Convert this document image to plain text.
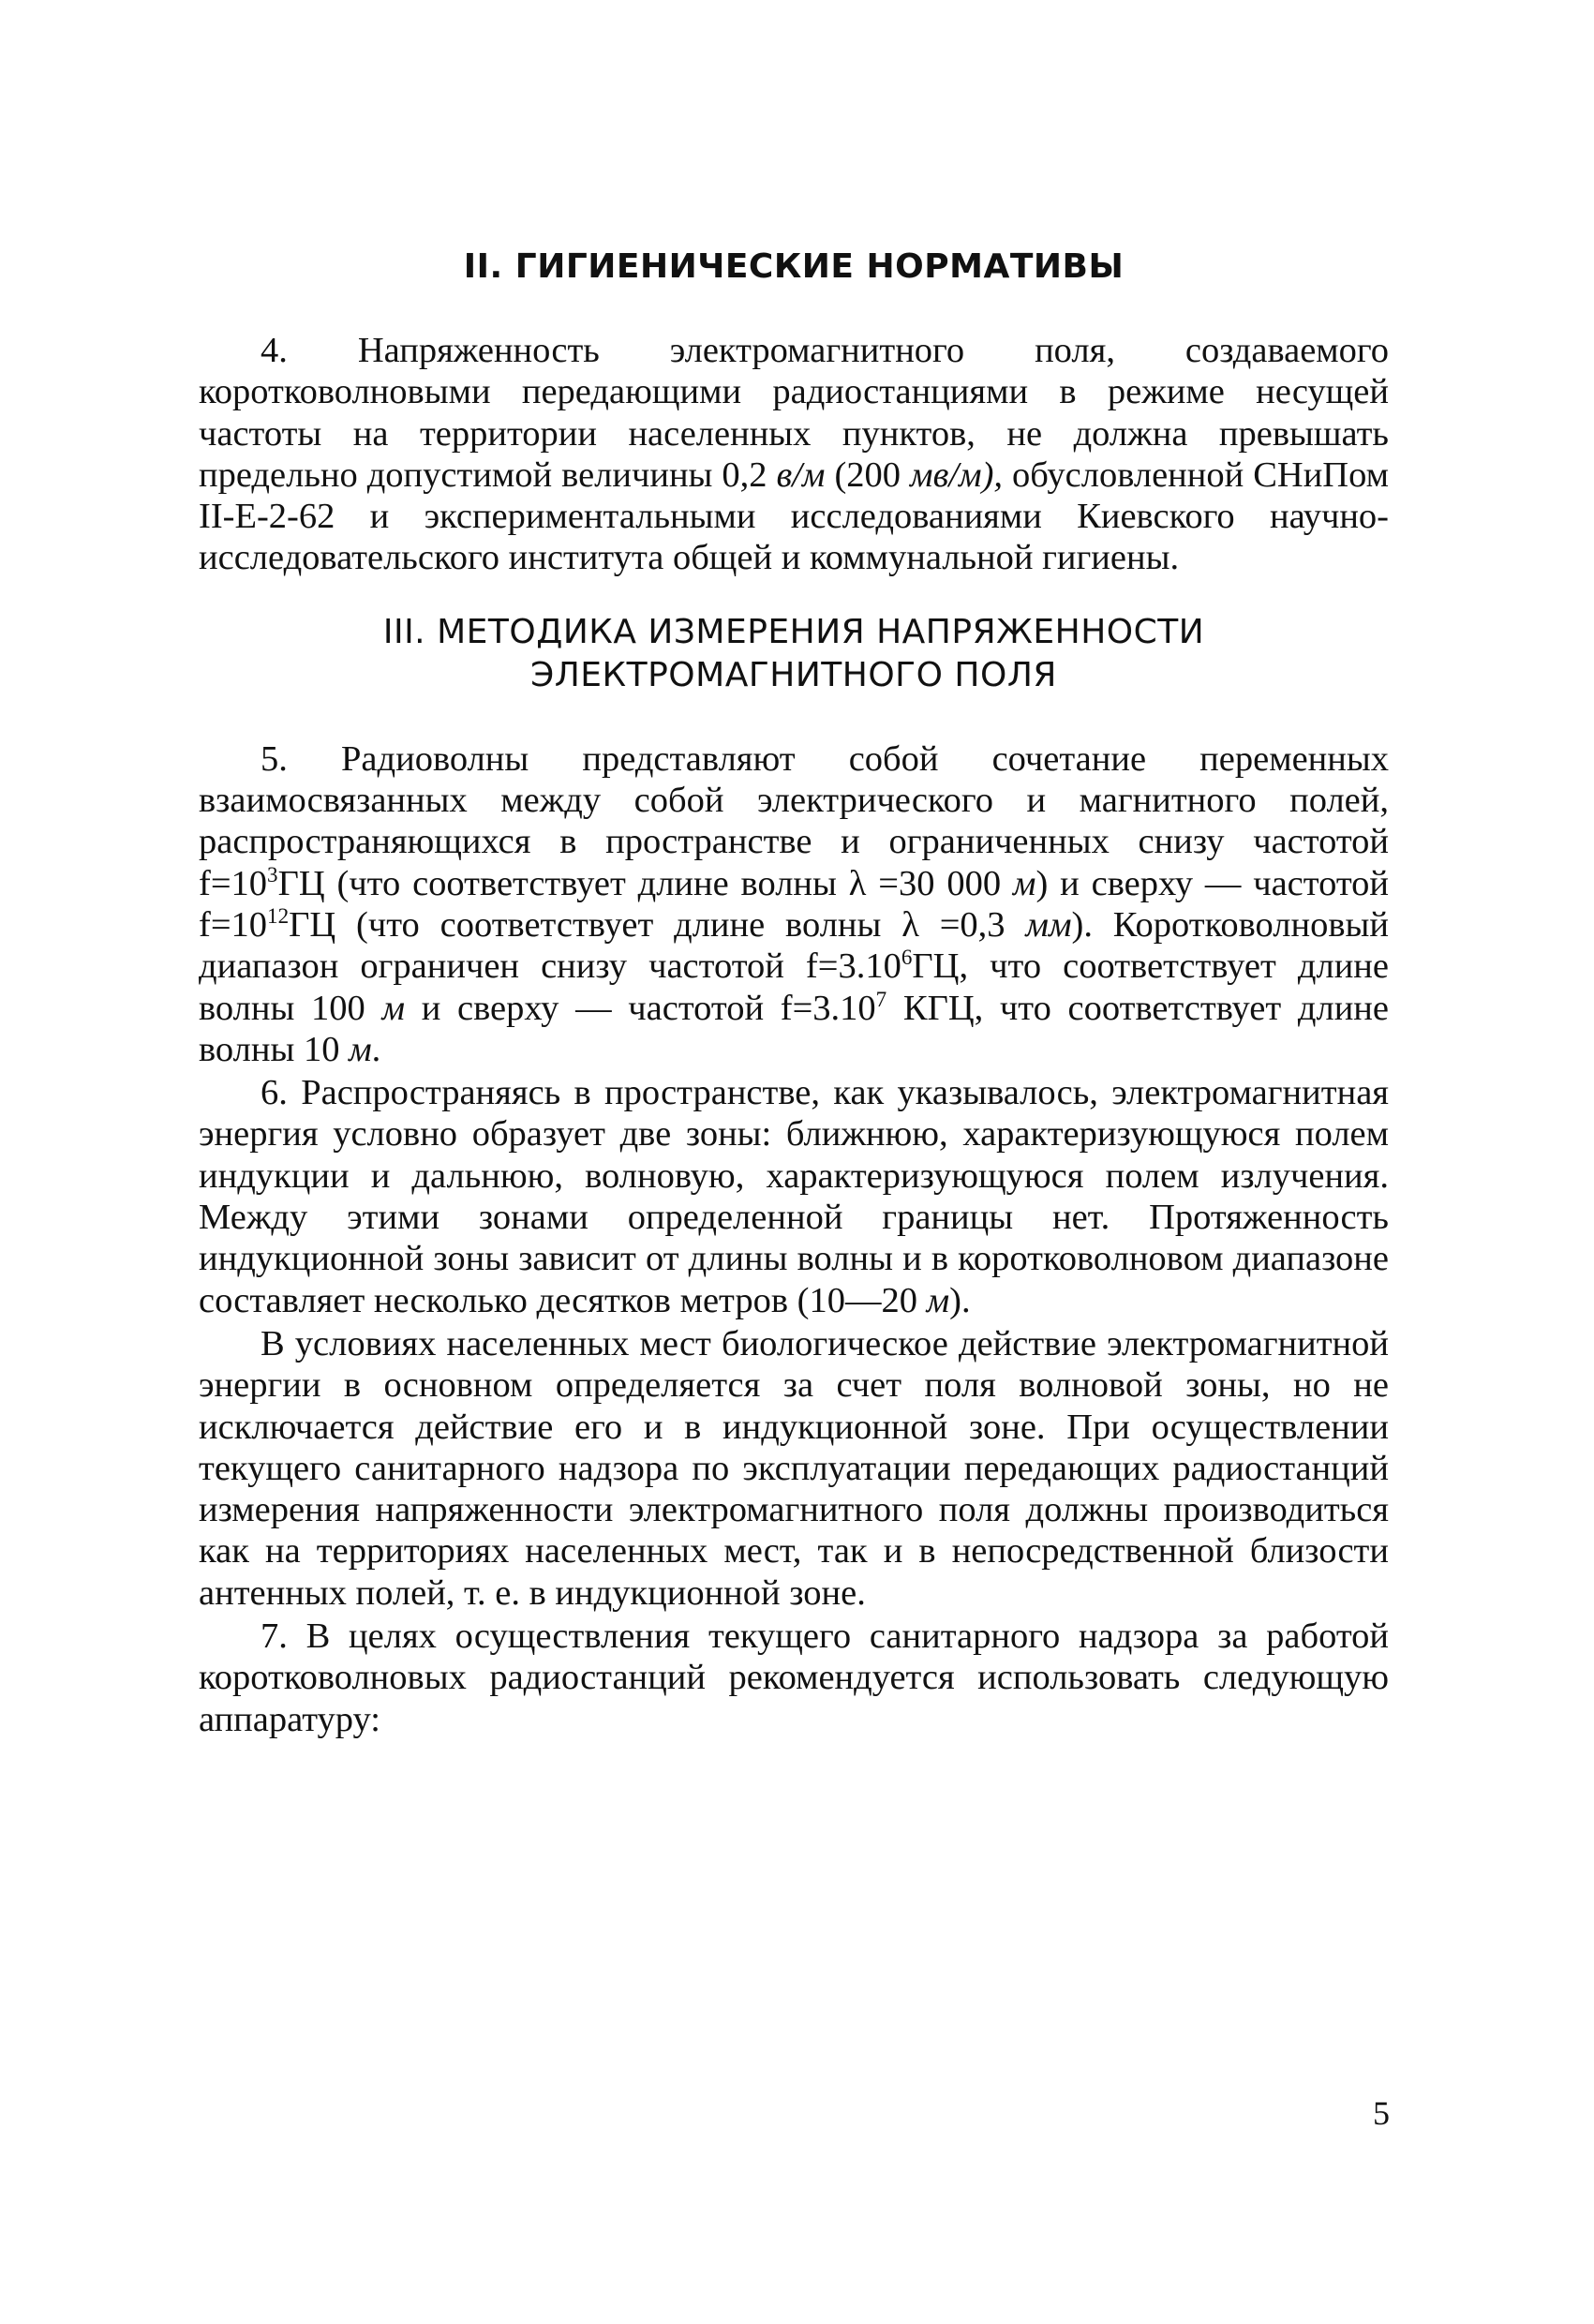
II. ГИГИЕНИЧЕСКИЕ НОРМАТИВЫ

4. Напряженность электромагнитного поля, создаваемого коротковолновыми передающими радиостанциями в режиме несущей частоты на территории населенных пунктов, не должна превышать предельно допустимой величины 0,2 в/м (200 мв/м), обусловленной СНиПом II-Е-2-62 и экспериментальными исследованиями Киевского научно-исследовательского института общей и коммунальной гигиены.

III. МЕТОДИКА ИЗМЕРЕНИЯ НАПРЯЖЕННОСТИ
ЭЛЕКТРОМАГНИТНОГО ПОЛЯ

5. Радиоволны представляют собой сочетание переменных взаимосвязанных между собой электрического и магнитного полей, распространяющихся в пространстве и ограниченных снизу частотой $f=10^3ГЦ$ (что соответствует длине волны λ =30 000 м) и сверху — частотой $f=10^{12}ГЦ$ (что соответствует длине волны λ =0,3 мм). Коротковолновый диапазон ограничен снизу частотой $f=3.10^6ГЦ$, что соответствует длине волны 100 м и сверху — частотой $f=3.10^7$ КГЦ, что соответствует длине волны 10 м.

6. Распространяясь в пространстве, как указывалось, электромагнитная энергия условно образует две зоны: ближнюю, характеризующуюся полем индукции и дальнюю, волновую, характеризующуюся полем излучения. Между этими зонами определенной границы нет. Протяженность индукционной зоны зависит от длины волны и в коротковолновом диапазоне составляет несколько десятков метров (10—20 м).

В условиях населенных мест биологическое действие электромагнитной энергии в основном определяется за счет поля волновой зоны, но не исключается действие его и в индукционной зоне. При осуществлении текущего санитарного надзора по эксплуатации передающих радиостанций измерения напряженности электромагнитного поля должны производиться как на территориях населенных мест, так и в непосредственной близости антенных полей, т. е. в индукционной зоне.

7. В целях осуществления текущего санитарного надзора за работой коротковолновых радиостанций рекомендуется использовать следующую аппаратуру:

5
